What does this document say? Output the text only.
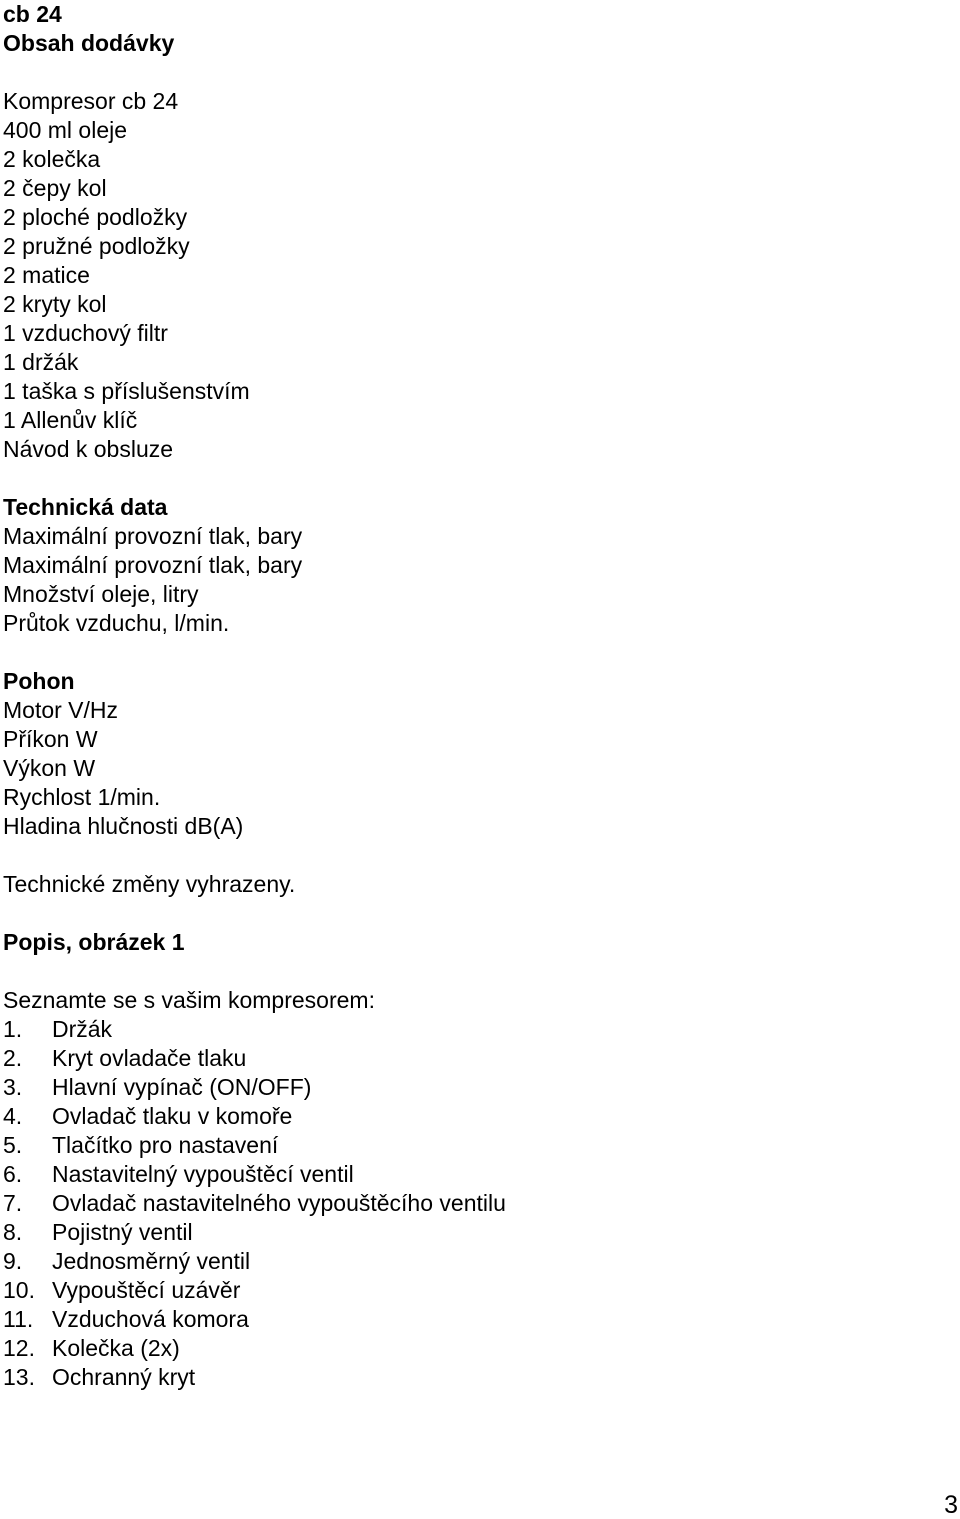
cb 24
Obsah dodávky
Kompresor cb 24
400 ml oleje
2 kolečka
2 čepy kol
2 ploché podložky
2 pružné podložky
2 matice
2 kryty kol
1 vzduchový filtr
1 držák
1 taška s příslušenstvím
1 Allenův klíč
Návod k obsluze
Technická data
Maximální provozní tlak, bary
Maximální provozní tlak, bary
Množství oleje, litry
Průtok vzduchu, l/min.
Pohon
Motor V/Hz
Příkon W
Výkon W
Rychlost 1/min.
Hladina hlučnosti dB(A)
Technické změny vyhrazeny.
Popis, obrázek 1
Seznamte se s vašim kompresorem:
1.	Držák
2.	Kryt ovladače tlaku
3.	Hlavní vypínač (ON/OFF)
4.	Ovladač tlaku v komoře
5.	Tlačítko pro nastavení
6.	Nastavitelný vypouštěcí ventil
7.	Ovladač nastavitelného vypouštěcího ventilu
8.	Pojistný ventil
9.	Jednosměrný ventil
10. Vypouštěcí uzávěr
11. Vzduchová komora
12. Kolečka (2x)
13. Ochranný kryt
3
